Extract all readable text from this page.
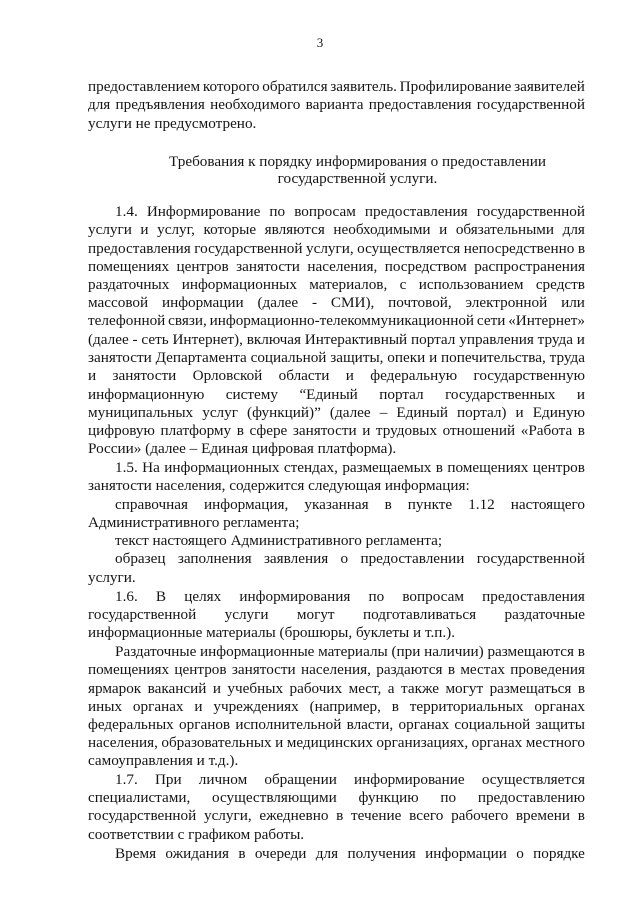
3

предоставлением которого обратился заявитель. Профилирование заявителей

для предъявления необходимого варианта предоставления государственной

услуги не предусмотрено.

Требования к порядку информирования о предоставлении

государственной услуги.

1.4. Информирование по вопросам предоставления государственной

услуги и услуг, которые являются необходимыми и обязательными для

предоставления государственной услуги, осуществляется непосредственно в

помещениях центров занятости населения, посредством распространения

раздаточных информационных материалов, с использованием средств

массовой информации (далее - СМИ), почтовой, электронной или

телефонной связи, информационно-телекоммуникационной сети «Интернет»

(далее - сеть Интернет), включая Интерактивный портал управления труда и

занятости Департамента социальной защиты, опеки и попечительства, труда

и занятости Орловской области и федеральную государственную

информационную систему “Единый портал государственных и

муниципальных услуг (функций)” (далее – Единый портал) и Единую

цифровую платформу в сфере занятости и трудовых отношений «Работа в

России» (далее – Единая цифровая платформа).

1.5. На информационных стендах, размещаемых в помещениях центров

занятости населения, содержится следующая информация:

справочная информация, указанная в пункте 1.12 настоящего

Административного регламента;

текст настоящего Административного регламента;

образец заполнения заявления о предоставлении государственной

услуги.

1.6. В целях информирования по вопросам предоставления

государственной услуги могут подготавливаться раздаточные

информационные материалы (брошюры, буклеты и т.п.).

Раздаточные информационные материалы (при наличии) размещаются в

помещениях центров занятости населения, раздаются в местах проведения

ярмарок вакансий и учебных рабочих мест, а также могут размещаться в

иных органах и учреждениях (например, в территориальных органах

федеральных органов исполнительной власти, органах социальной защиты

населения, образовательных и медицинских организациях, органах местного

самоуправления и т.д.).

1.7. При личном обращении информирование осуществляется

специалистами, осуществляющими функцию по предоставлению

государственной услуги, ежедневно в течение всего рабочего времени в

соответствии с графиком работы.

Время ожидания в очереди для получения информации о порядке
